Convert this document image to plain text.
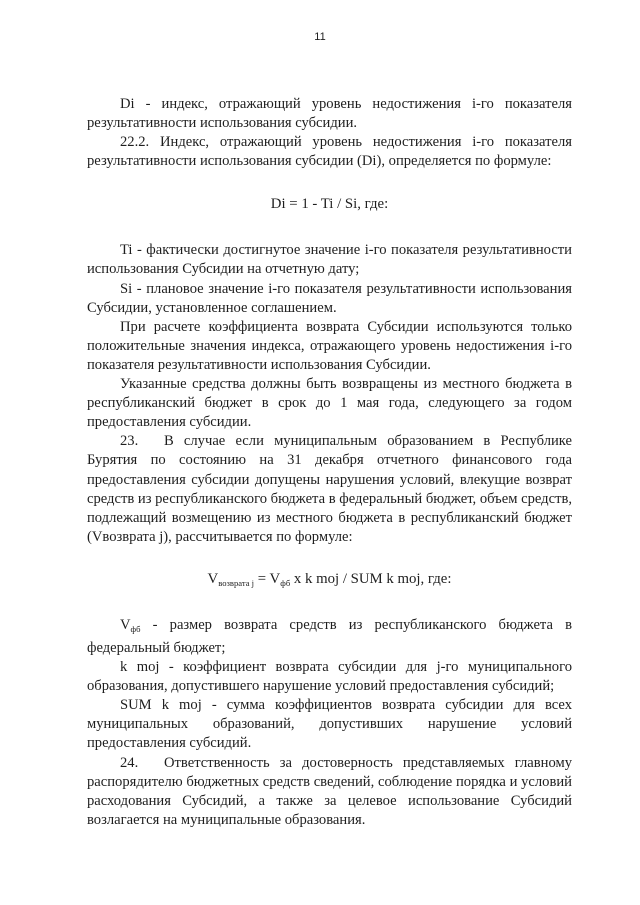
11

Di - индекс, отражающий уровень недостижения i-го показателя результативности использования субсидии.

22.2. Индекс, отражающий уровень недостижения i-го показателя результативности использования субсидии (Di), определяется по формуле:

Di = 1 - Ti / Si, где:

Ti - фактически достигнутое значение i-го показателя результативности использования Субсидии на отчетную дату;

Si - плановое значение i-го показателя результативности использования Субсидии, установленное соглашением.

При расчете коэффициента возврата Субсидии используются только положительные значения индекса, отражающего уровень недостижения i-го показателя результативности использования Субсидии.

Указанные средства должны быть возвращены из местного бюджета в республиканский бюджет в срок до 1 мая года, следующего за годом предоставления субсидии.

23. В случае если муниципальным образованием в Республике Бурятия по состоянию на 31 декабря отчетного финансового года предоставления субсидии допущены нарушения условий, влекущие возврат средств из республиканского бюджета в федеральный бюджет, объем средств, подлежащий возмещению из местного бюджета в республиканский бюджет (Vвозврата j), рассчитывается по формуле:

$V_{возврата j} = V_{фб}$ x k moj / SUM k moj, где:

$V_{фб}$ - размер возврата средств из республиканского бюджета в федеральный бюджет;

k moj - коэффициент возврата субсидии для j-го муниципального образования, допустившего нарушение условий предоставления субсидий;

SUM k moj - сумма коэффициентов возврата субсидии для всех муниципальных образований, допустивших нарушение условий предоставления субсидий.

24. Ответственность за достоверность представляемых главному распорядителю бюджетных средств сведений, соблюдение порядка и условий расходования Субсидий, а также за целевое использование Субсидий возлагается на муниципальные образования.
